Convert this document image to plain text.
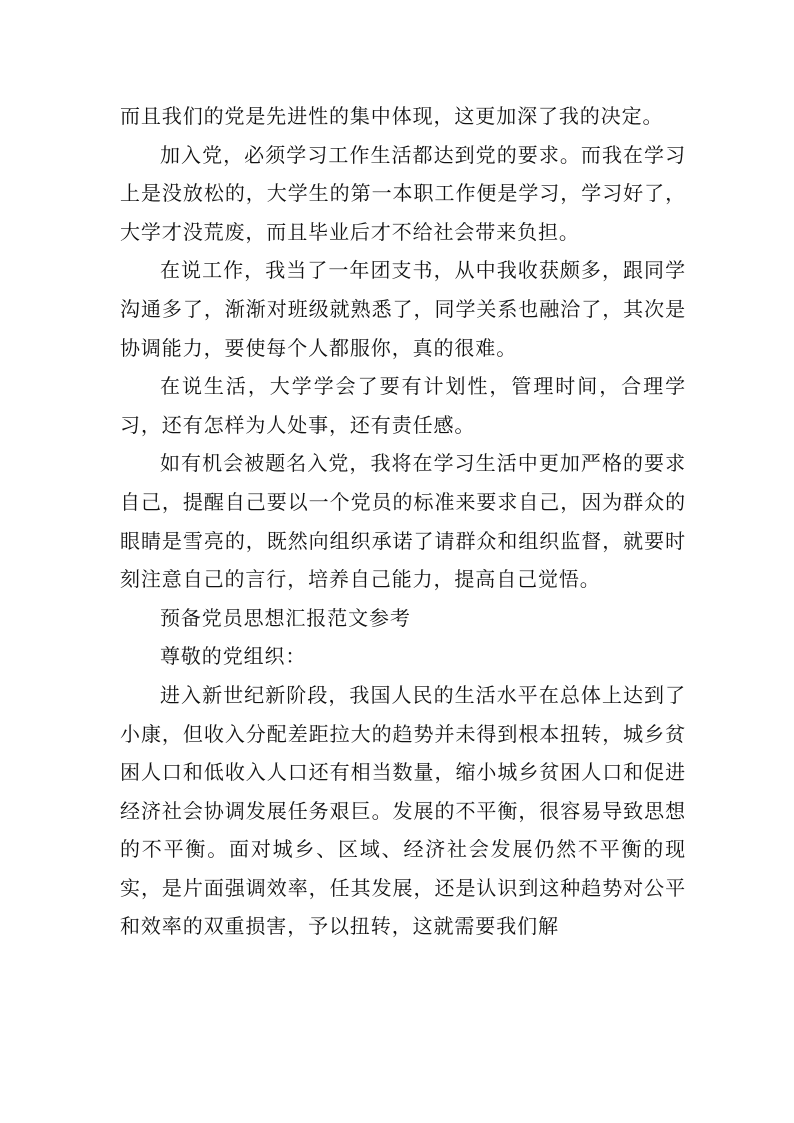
而且我们的党是先进性的集中体现，这更加深了我的决定。

加入党，必须学习工作生活都达到党的要求。而我在学习上是没放松的，大学生的第一本职工作便是学习，学习好了，大学才没荒废，而且毕业后才不给社会带来负担。

在说工作，我当了一年团支书，从中我收获颇多，跟同学沟通多了，渐渐对班级就熟悉了，同学关系也融洽了，其次是协调能力，要使每个人都服你，真的很难。

在说生活，大学学会了要有计划性，管理时间，合理学习，还有怎样为人处事，还有责任感。

如有机会被题名入党，我将在学习生活中更加严格的要求自己，提醒自己要以一个党员的标准来要求自己，因为群众的眼睛是雪亮的，既然向组织承诺了请群众和组织监督，就要时刻注意自己的言行，培养自己能力，提高自己觉悟。

预备党员思想汇报范文参考

尊敬的党组织：

进入新世纪新阶段，我国人民的生活水平在总体上达到了小康，但收入分配差距拉大的趋势并未得到根本扭转，城乡贫困人口和低收入人口还有相当数量，缩小城乡贫困人口和促进经济社会协调发展任务艰巨。发展的不平衡，很容易导致思想的不平衡。面对城乡、区域、经济社会发展仍然不平衡的现实，是片面强调效率，任其发展，还是认识到这种趋势对公平和效率的双重损害，予以扭转，这就需要我们解
